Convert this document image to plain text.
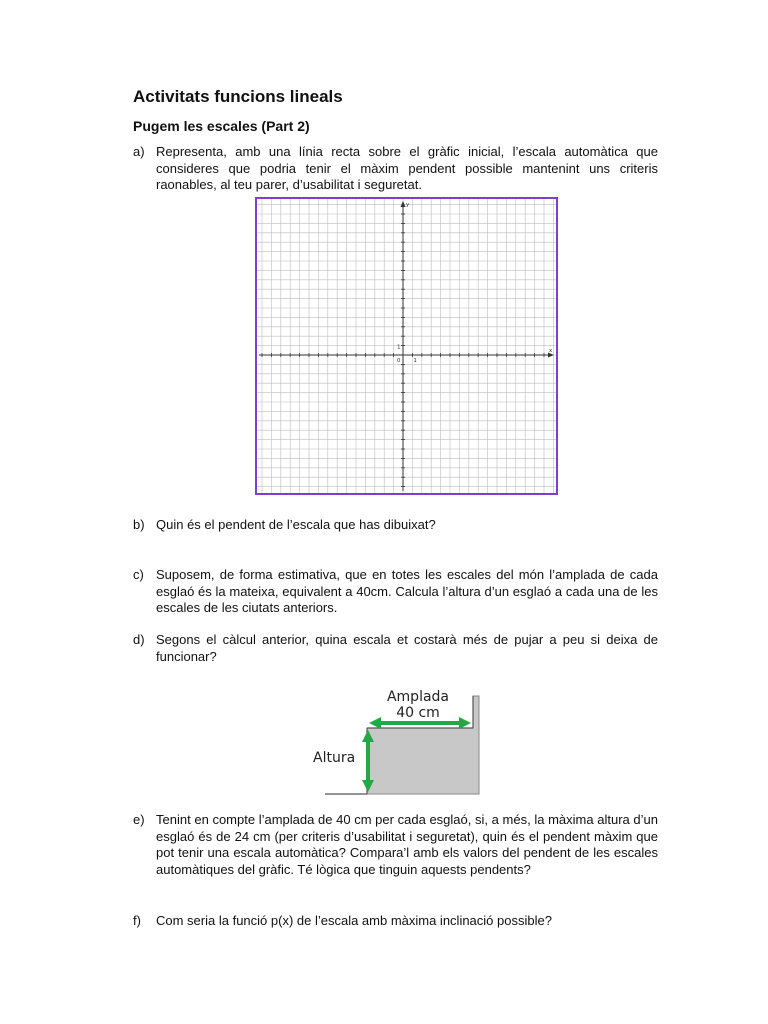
Activitats funcions lineals
Pugem les escales (Part 2)
a) Representa, amb una línia recta sobre el gràfic inicial, l’escala automàtica que consideres que podria tenir el màxim pendent possible mantenint uns criteris raonables, al teu parer, d’usabilitat i seguretat.
0 1
1
x
y
b) Quin és el pendent de l’escala que has dibuixat?
c) Suposem, de forma estimativa, que en totes les escales del món l’amplada de cada esglaó és la mateixa, equivalent a 40cm. Calcula l’altura d’un esglaó a cada una de les escales de les ciutats anteriors.
d) Segons el càlcul anterior, quina escala et costarà més de pujar a peu si deixa de funcionar?
Amplada
40 cm
Altura
e) Tenint en compte l’amplada de 40 cm per cada esglaó, si, a més, la màxima altura d’un esglaó és de 24 cm (per criteris d’usabilitat i seguretat), quin és el pendent màxim que pot tenir una escala automàtica? Compara’l amb els valors del pendent de les escales automàtiques del gràfic. Té lògica que tinguin aquests pendents?
f) Com seria la funció p(x) de l’escala amb màxima inclinació possible?
